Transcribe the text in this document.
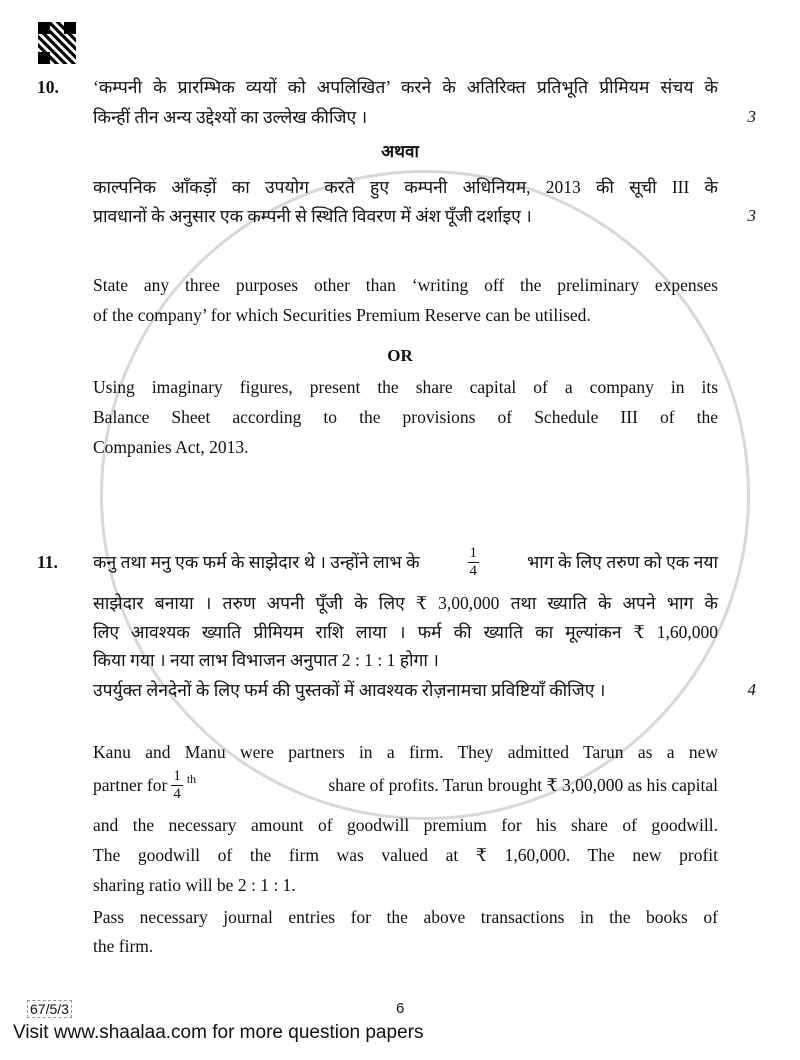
10. ‘कम्पनी के प्रारम्भिक व्ययों को अपलिखित’ करने के अतिरिक्त प्रतिभूति प्रीमियम संचय के
किन्हीं तीन अन्य उद्देश्यों का उल्लेख कीजिए ।	3
अथवा
काल्पनिक आँकड़ों का उपयोग करते हुए कम्पनी अधिनियम, 2013 की सूची III के
प्रावधानों के अनुसार एक कम्पनी से स्थिति विवरण में अंश पूँजी दर्शाइए ।	3
State any three purposes other than ‘writing off the preliminary expenses
of the company’ for which Securities Premium Reserve can be utilised.
OR
Using imaginary figures, present the share capital of a company in its
Balance Sheet according to the provisions of Schedule III of the
Companies Act, 2013.
11. कनु तथा मनु एक फर्म के साझेदार थे । उन्होंने लाभ के	$\frac{1}{4}$	भाग के लिए तरुण को एक नया
साझेदार बनाया । तरुण अपनी पूँजी के लिए ₹ 3,00,000 तथा ख्याति के अपने भाग के
लिए आवश्यक ख्याति प्रीमियम राशि लाया । फर्म की ख्याति का मूल्यांकन ₹ 1,60,000
किया गया । नया लाभ विभाजन अनुपात 2 : 1 : 1 होगा ।
उपर्युक्त लेनदेनों के लिए फर्म की पुस्तकों में आवश्यक रोज़नामचा प्रविष्टियाँ कीजिए ।	4
Kanu and Manu were partners in a firm. They admitted Tarun as a new
partner for $\frac{1}{4}$ th	share of profits. Tarun brought ₹ 3,00,000 as his capital
and the necessary amount of goodwill premium for his share of goodwill.
The goodwill of the firm was valued at ₹ 1,60,000. The new profit
sharing ratio will be 2 : 1 : 1.
Pass necessary journal entries for the above transactions in the books of
the firm.
67/5/3	6
Visit www.shaalaa.com for more question papers
